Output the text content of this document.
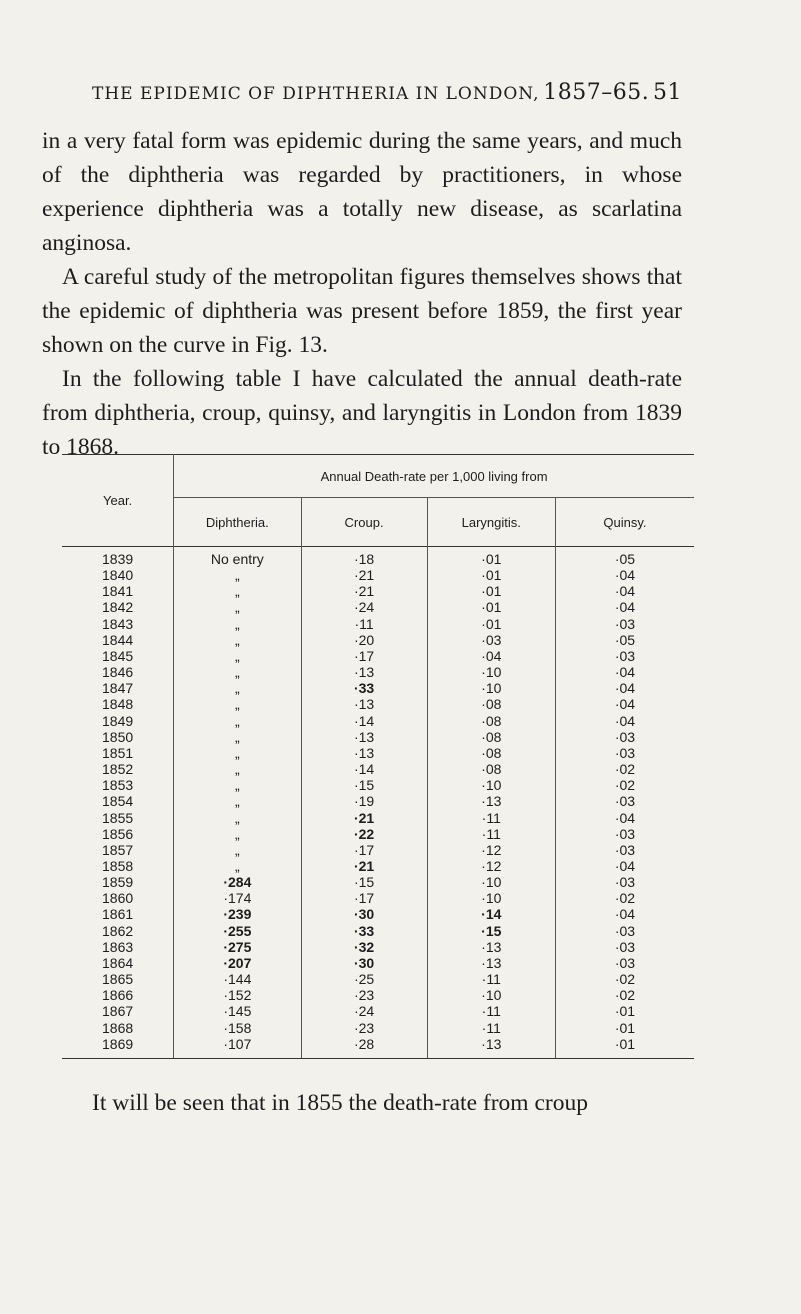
THE EPIDEMIC OF DIPHTHERIA IN LONDON, 1857–65. 51

in a very fatal form was epidemic during the same years, and much of the diphtheria was regarded by practitioners, in whose experience diphtheria was a totally new disease, as scarlatina anginosa.

A careful study of the metropolitan figures themselves shows that the epidemic of diphtheria was present before 1859, the first year shown on the curve in Fig. 13.

In the following table I have calculated the annual death-rate from diphtheria, croup, quinsy, and laryngitis in London from 1839 to 1868.

Year.	Annual Death-rate per 1,000 living from			
	Diphtheria.	Croup.	Laryngitis.	Quinsy.
1839	No entry	·18	·01	·05
1840	„	·21	·01	·04
1841	„	·21	·01	·04
1842	„	·24	·01	·04
1843	„	·11	·01	·03
1844	„	·20	·03	·05
1845	„	·17	·04	·03
1846	„	·13	·10	·04
1847	„	·33	·10	·04
1848	„	·13	·08	·04
1849	„	·14	·08	·04
1850	„	·13	·08	·03
1851	„	·13	·08	·03
1852	„	·14	·08	·02
1853	„	·15	·10	·02
1854	„	·19	·13	·03
1855	„	·21	·11	·04
1856	„	·22	·11	·03
1857	„	·17	·12	·03
1858	„	·21	·12	·04
1859	·284	·15	·10	·03
1860	·174	·17	·10	·02
1861	·239	·30	·14	·04
1862	·255	·33	·15	·03
1863	·275	·32	·13	·03
1864	·207	·30	·13	·03
1865	·144	·25	·11	·02
1866	·152	·23	·10	·02
1867	·145	·24	·11	·01
1868	·158	·23	·11	·01
1869	·107	·28	·13	·01
It will be seen that in 1855 the death-rate from croup
